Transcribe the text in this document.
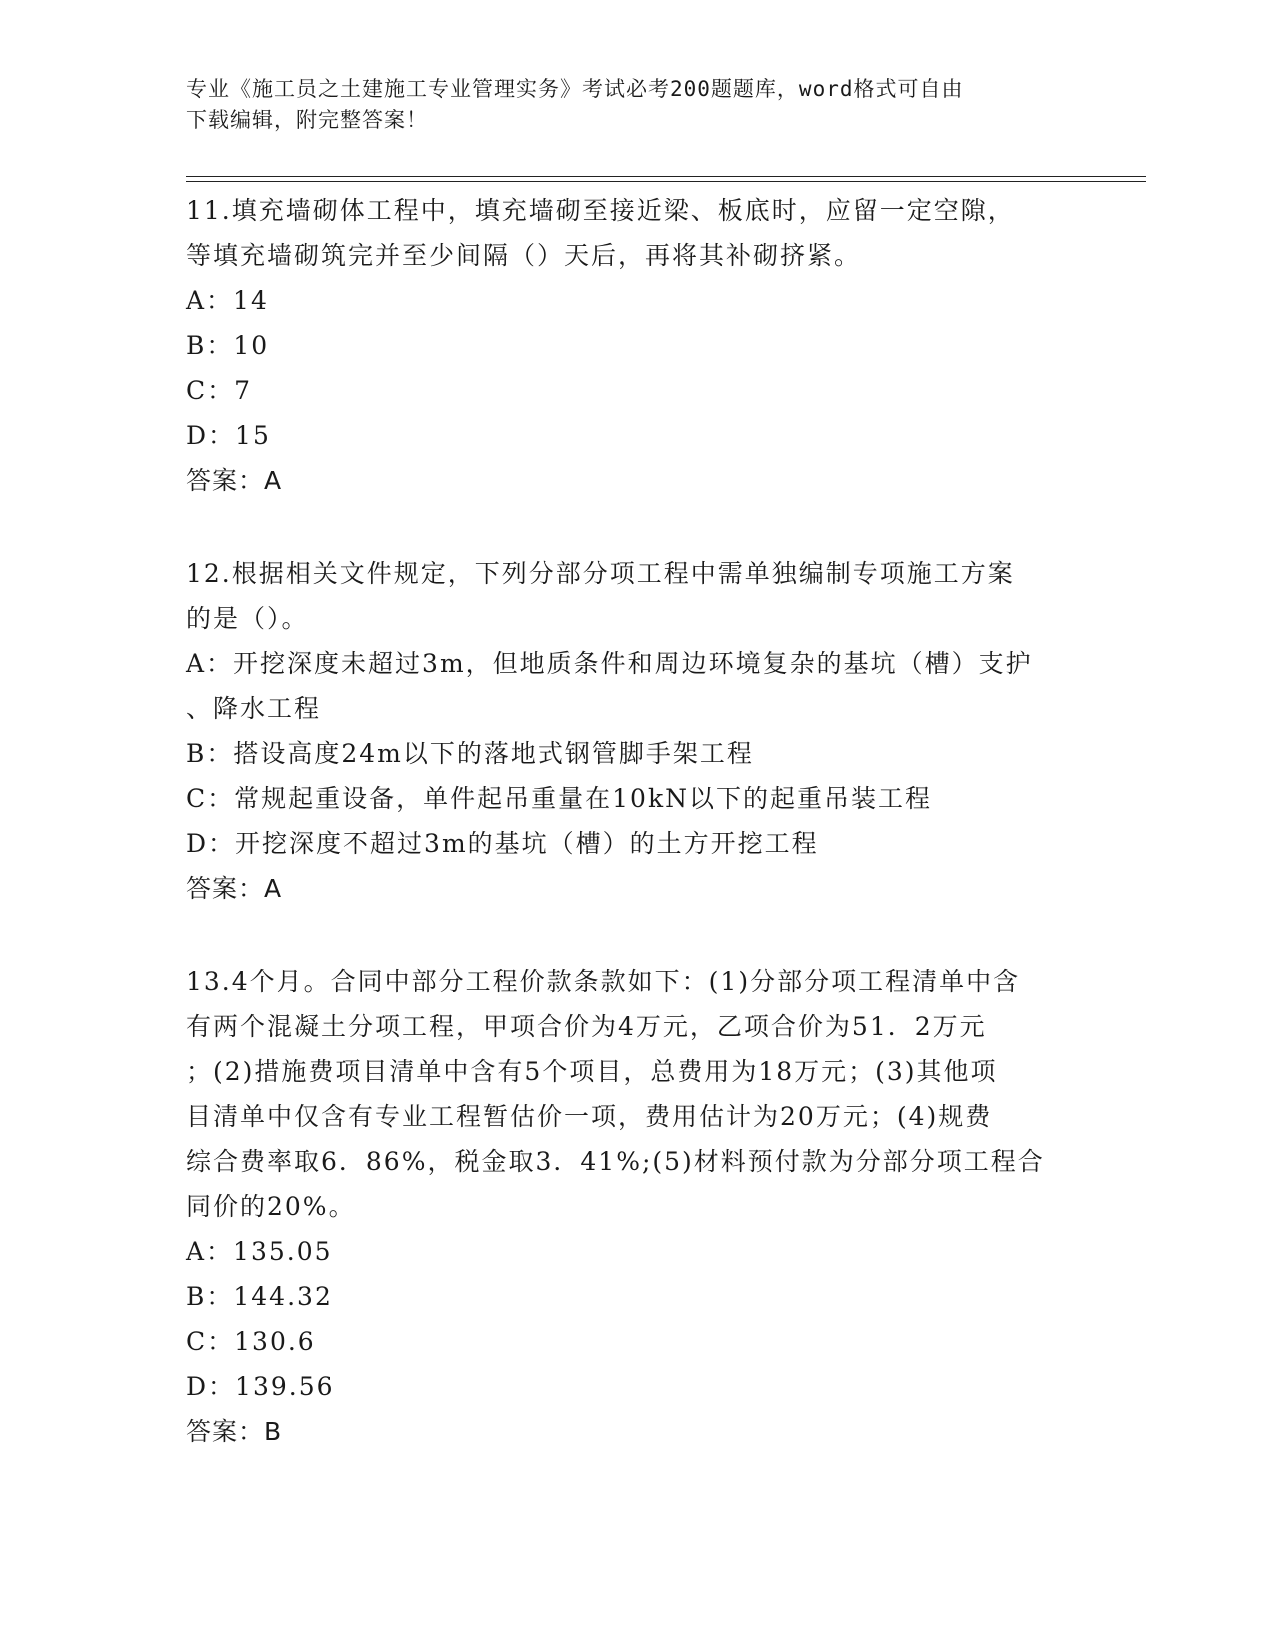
专业《施工员之土建施工专业管理实务》考试必考200题题库，word格式可自由
下载编辑，附完整答案！

11.填充墙砌体工程中，填充墙砌至接近梁、板底时，应留一定空隙，

等填充墙砌筑完并至少间隔（）天后，再将其补砌挤紧。

A：14

B：10

C：7

D：15

答案：A

12.根据相关文件规定，下列分部分项工程中需单独编制专项施工方案

的是（）。

A：开挖深度未超过3m，但地质条件和周边环境复杂的基坑（槽）支护

、降水工程

B：搭设高度24m以下的落地式钢管脚手架工程

C：常规起重设备，单件起吊重量在10kN以下的起重吊装工程

D：开挖深度不超过3m的基坑（槽）的土方开挖工程

答案：A

13.4个月。合同中部分工程价款条款如下：(1)分部分项工程清单中含

有两个混凝土分项工程，甲项合价为4万元，乙项合价为51．2万元

；(2)措施费项目清单中含有5个项目，总费用为18万元；(3)其他项

目清单中仅含有专业工程暂估价一项，费用估计为20万元；(4)规费

综合费率取6．86%，税金取3．41%;(5)材料预付款为分部分项工程合

同价的20%。

A：135.05

B：144.32

C：130.6

D：139.56

答案：B
